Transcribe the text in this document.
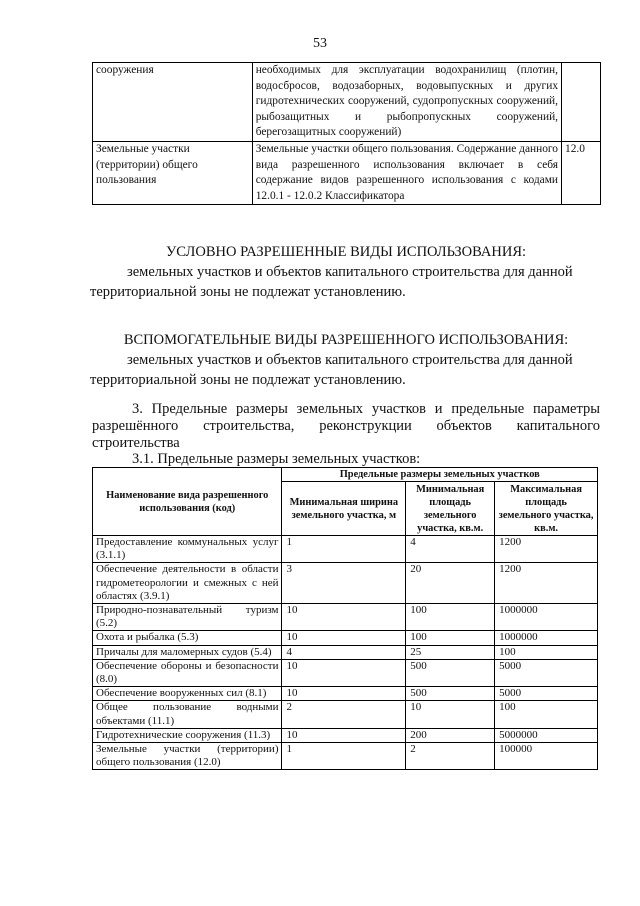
53
сооружения	необходимых для эксплуатации водохранилищ (плотин, водосбросов, водозаборных, водовыпускных и других гидротехнических сооружений, судопропускных сооружений, рыбозащитных и рыбопропускных сооружений, берегозащитных сооружений)	
Земельные участки (территории) общего пользования	Земельные участки общего пользования. Содержание данного вида разрешенного использования включает в себя содержание видов разрешенного использования с кодами 12.0.1 - 12.0.2 Классификатора	12.0
УСЛОВНО РАЗРЕШЕННЫЕ ВИДЫ ИСПОЛЬЗОВАНИЯ:
земельных участков и объектов капитального строительства для данной
территориальной зоны не подлежат установлению.
ВСПОМОГАТЕЛЬНЫЕ ВИДЫ РАЗРЕШЕННОГО ИСПОЛЬЗОВАНИЯ:
земельных участков и объектов капитального строительства для данной
территориальной зоны не подлежат установлению.
3. Предельные размеры земельных участков и предельные параметры разрешённого строительства, реконструкции объектов капитального строительства
3.1. Предельные размеры земельных участков:
Наименование вида разрешенного использования (код)	Предельные размеры земельных участков		
	Минимальная ширина земельного участка, м	Минимальная площадь земельного участка, кв.м.	Максимальная площадь земельного участка, кв.м.
Предоставление коммунальных услуг (3.1.1)	1	4	1200
Обеспечение деятельности в области гидрометеорологии и смежных с ней областях (3.9.1)	3	20	1200
Природно-познавательный туризм (5.2)	10	100	1000000
Охота и рыбалка (5.3)	10	100	1000000
Причалы для маломерных судов (5.4)	4	25	100
Обеспечение обороны и безопасности (8.0)	10	500	5000
Обеспечение вооруженных сил (8.1)	10	500	5000
Общее пользование водными объектами (11.1)	2	10	100
Гидротехнические сооружения (11.3)	10	200	5000000
Земельные участки (территории) общего пользования (12.0)	1	2	100000
